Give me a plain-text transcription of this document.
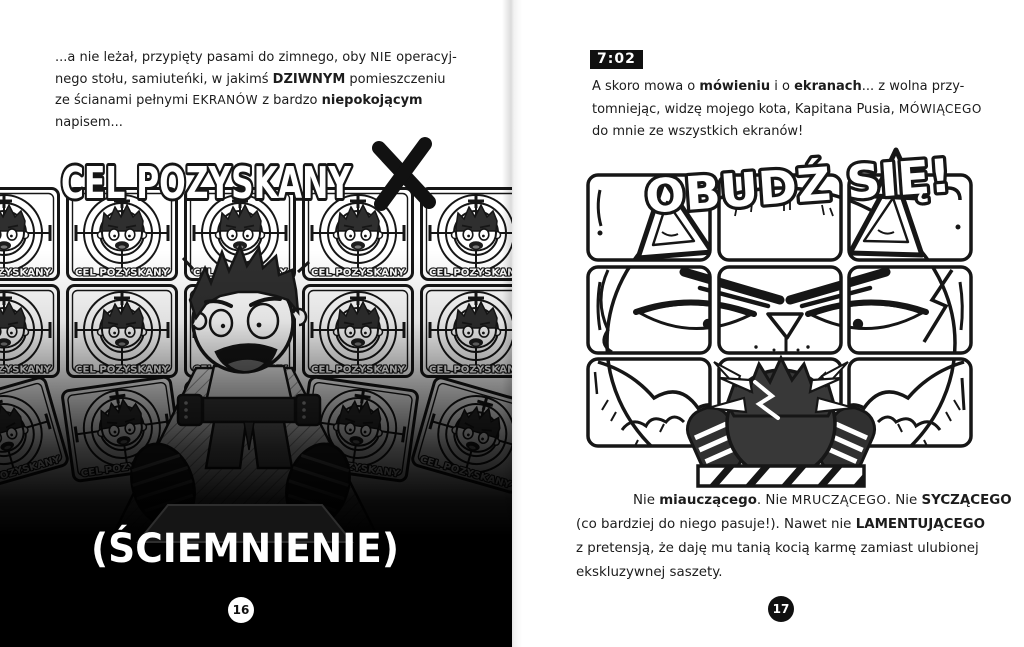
CEL POZYSKANY
CEL POZYSKANY
(ŚCIEMNIENIE)
...a nie leżał, przypięty pasami do zimnego, oby NIE operacyj-
nego stołu, samiuteńki, w jakimś DZIWNYM pomieszczeniu
ze ścianami pełnymi EKRANÓW z bardzo niepokojącym
napisem...
16
OBUDŹ SIĘ!
7:02
A skoro mowa o mówieniu i o ekranach... z wolna przy-
tomniejąc, widzę mojego kota, Kapitana Pusia, MÓWIĄCEGO
do mnie ze wszystkich ekranów!
Nie miauczącego. Nie MRUCZĄCEGO. Nie SYCZĄCEGO
(co bardziej do niego pasuje!). Nawet nie LAMENTUJĄCEGO
z pretensją, że daję mu tanią kocią karmę zamiast ulubionej
ekskluzywnej saszety.
17
